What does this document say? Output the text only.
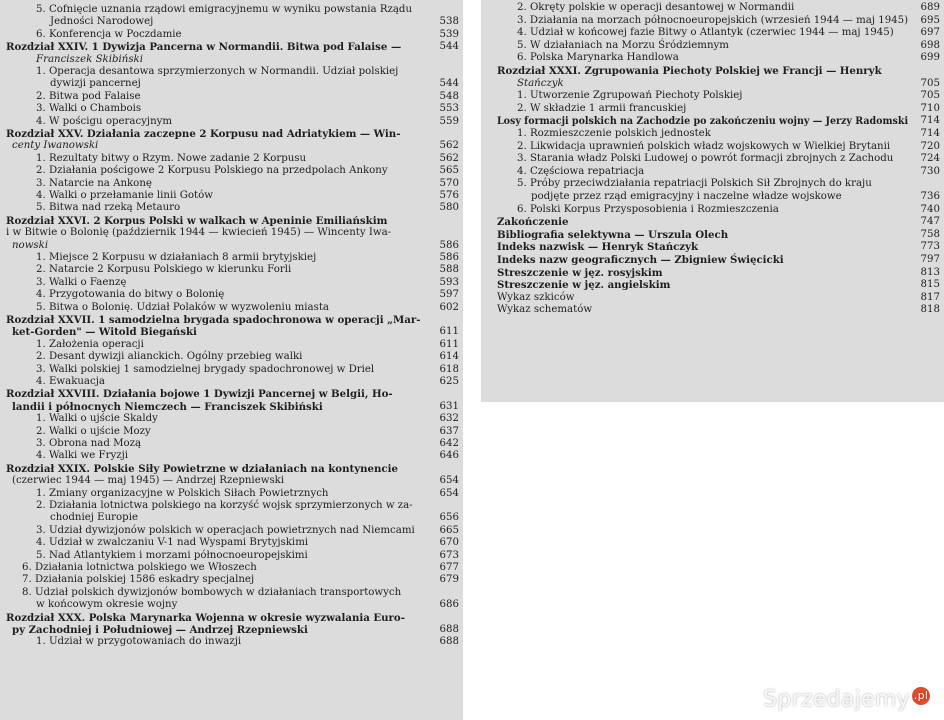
5. Cofnięcie uznania rządowi emigracyjnemu w wyniku powstania Rządu
Jedności Narodowej	538
6. Konferencja w Poczdamie	539
Rozdział XXIV. 1 Dywizja Pancerna w Normandii. Bitwa pod Falaise —	544
Franciszek Skibiński
1. Operacja desantowa sprzymierzonych w Normandii. Udział polskiej
dywizji pancernej	544
2. Bitwa pod Falaise	548
3. Walki o Chambois	553
4. W pościgu operacyjnym	559
Rozdział XXV. Działania zaczepne 2 Korpusu nad Adriatykiem — Win-
centy Iwanowski	562
1. Rezultaty bitwy o Rzym. Nowe zadanie 2 Korpusu	562
2. Działania pościgowe 2 Korpusu Polskiego na przedpolach Ankony	565
3. Natarcie na Ankonę	570
4. Walki o przełamanie linii Gotów	576
5. Bitwa nad rzeką Metauro	580
Rozdział XXVI. 2 Korpus Polski w walkach w Apeninie Emiliańskim
i w Bitwie o Bolonię (październik 1944 — kwiecień 1945) — Wincenty Iwa-
nowski	586
1. Miejsce 2 Korpusu w działaniach 8 armii brytyjskiej	586
2. Natarcie 2 Korpusu Polskiego w kierunku Forli	588
3. Walki o Faenzę	593
4. Przygotowania do bitwy o Bolonię	597
5. Bitwa o Bolonię. Udział Polaków w wyzwoleniu miasta	602
Rozdział XXVII. 1 samodzielna brygada spadochronowa w operacji „Mar-
ket-Gorden" — Witold Biegański	611
1. Założenia operacji	611
2. Desant dywizji alianckich. Ogólny przebieg walki	614
3. Walki polskiej 1 samodzielnej brygady spadochronowej w Driel	618
4. Ewakuacja	625
Rozdział XXVIII. Działania bojowe 1 Dywizji Pancernej w Belgii, Ho-
landii i północnych Niemczech — Franciszek Skibiński	631
1. Walki o ujście Skaldy	632
2. Walki o ujście Mozy	637
3. Obrona nad Mozą	642
4. Walki we Fryzji	646
Rozdział XXIX. Polskie Siły Powietrzne w działaniach na kontynencie
(czerwiec 1944 — maj 1945) — Andrzej Rzepniewski	654
1. Zmiany organizacyjne w Polskich Siłach Powietrznych	654
2. Działania lotnictwa polskiego na korzyść wojsk sprzymierzonych w za-
chodniej Europie	656
3. Udział dywizjonów polskich w operacjach powietrznych nad Niemcami	665
4. Udział w zwalczaniu V-1 nad Wyspami Brytyjskimi	670
5. Nad Atlantykiem i morzami północnoeuropejskimi	673
6. Działania lotnictwa polskiego we Włoszech	677
7. Działania polskiej 1586 eskadry specjalnej	679
8. Udział polskich dywizjonów bombowych w działaniach transportowych
w końcowym okresie wojny	686
Rozdział XXX. Polska Marynarka Wojenna w okresie wyzwalania Euro-
py Zachodniej i Południowej — Andrzej Rzepniewski	688
1. Udział w przygotowaniach do inwazji	688
2. Okręty polskie w operacji desantowej w Normandii	689
3. Działania na morzach północnoeuropejskich (wrzesień 1944 — maj 1945)	695
4. Udział w końcowej fazie Bitwy o Atlantyk (czerwiec 1944 — maj 1945)	697
5. W działaniach na Morzu Śródziemnym	698
6. Polska Marynarka Handlowa	699
Rozdział XXXI. Zgrupowania Piechoty Polskiej we Francji — Henryk
Stańczyk	705
1. Utworzenie Zgrupowań Piechoty Polskiej	705
2. W składzie 1 armii francuskiej	710
Losy formacji polskich na Zachodzie po zakończeniu wojny — Jerzy Radomski	714
1. Rozmieszczenie polskich jednostek	714
2. Likwidacja uprawnień polskich władz wojskowych w Wielkiej Brytanii	720
3. Starania władz Polski Ludowej o powrót formacji zbrojnych z Zachodu	724
4. Częściowa repatriacja	730
5. Próby przeciwdziałania repatriacji Polskich Sił Zbrojnych do kraju
podjęte przez rząd emigracyjny i naczelne władze wojskowe	736
6. Polski Korpus Przysposobienia i Rozmieszczenia	740
Zakończenie	747
Bibliografia selektywna — Urszula Olech	758
Indeks nazwisk — Henryk Stańczyk	773
Indeks nazw geograficznych — Zbigniew Święcicki	797
Streszczenie w jęz. rosyjskim	813
Streszczenie w jęz. angielskim	815
Wykaz szkiców	817
Wykaz schematów	818
Sprzedajemy .pl
